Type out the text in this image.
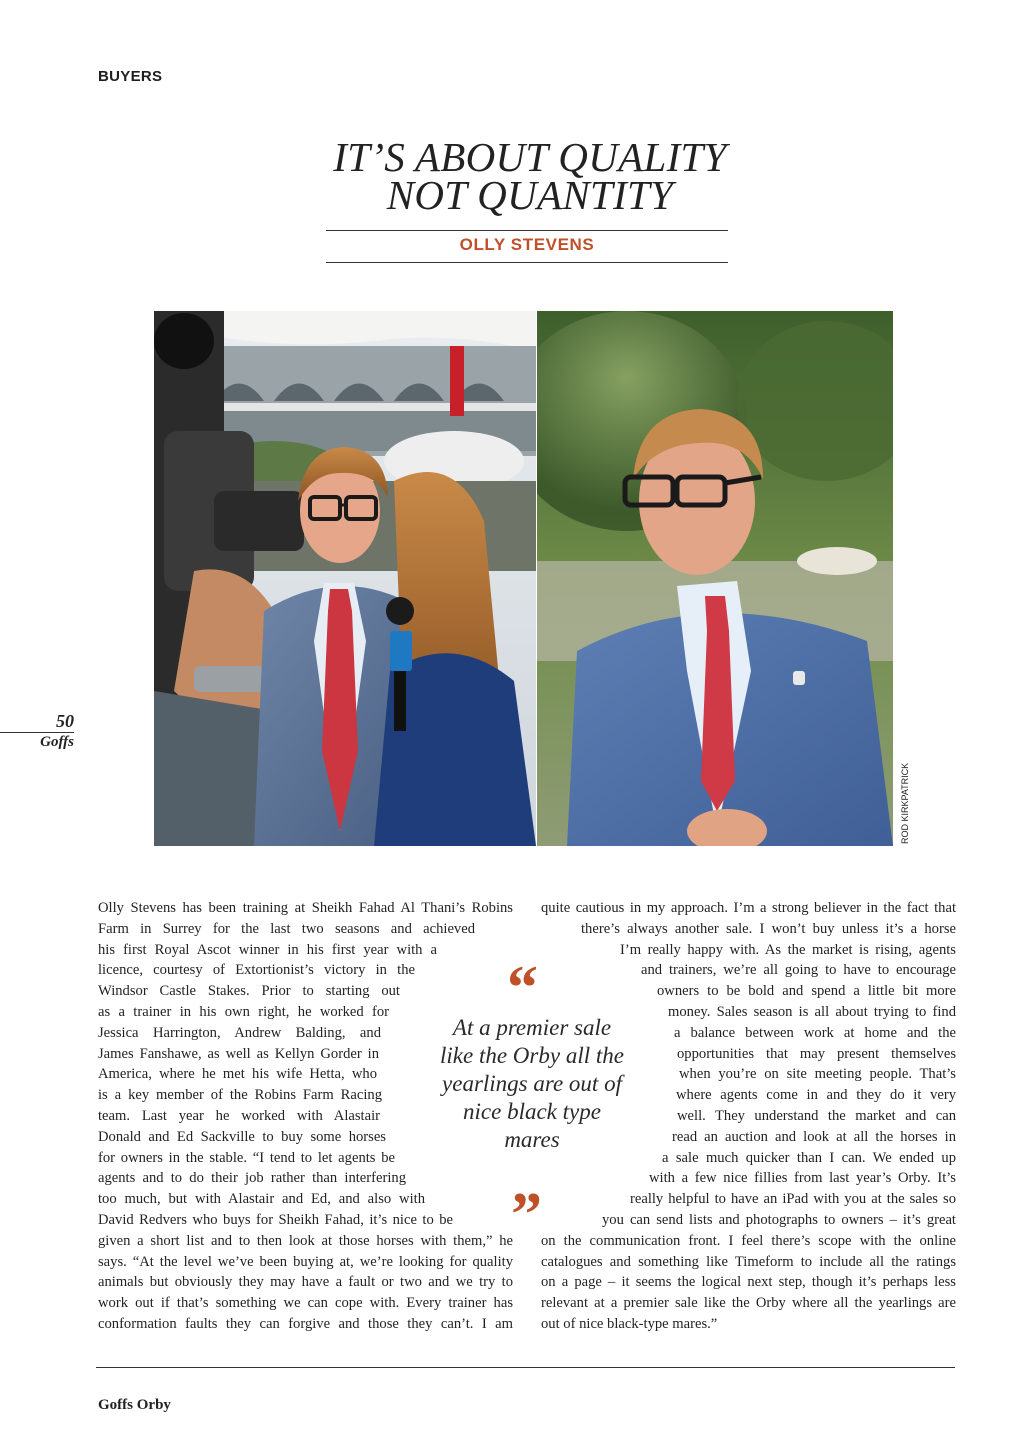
BUYERS
IT’S ABOUT QUALITY
NOT QUANTITY
OLLY STEVENS
ROD KIRKPATRICK
50
Goffs
Olly Stevens has been training at Sheikh Fahad Al Thani’s Robins
Farm in Surrey for the last two seasons and achieved
his first Royal Ascot winner in his first year with a
licence, courtesy of Extortionist’s victory in the
Windsor Castle Stakes. Prior to starting out
as a trainer in his own right, he worked for
Jessica Harrington, Andrew Balding, and
James Fanshawe, as well as Kellyn Gorder in
America, where he met his wife Hetta, who
is a key member of the Robins Farm Racing
team. Last year he worked with Alastair
Donald and Ed Sackville to buy some horses
for owners in the stable. “I tend to let agents be
agents and to do their job rather than interfering
too much, but with Alastair and Ed, and also with
David Redvers who buys for Sheikh Fahad, it’s nice to be
given a short list and to then look at those horses with them,” he
says. “At the level we’ve been buying at, we’re looking for quality
animals but obviously they may have a fault or two and we try to
work out if that’s something we can cope with. Every trainer has
conformation faults they can forgive and those they can’t. I am
quite cautious in my approach. I’m a strong believer in the fact that
there’s always another sale. I won’t buy unless it’s a horse
I’m really happy with. As the market is rising, agents
and trainers, we’re all going to have to encourage
owners to be bold and spend a little bit more
money. Sales season is all about trying to find
a balance between work at home and the
opportunities that may present themselves
when you’re on site meeting people. That’s
where agents come in and they do it very
well. They understand the market and can
read an auction and look at all the horses in
a sale much quicker than I can. We ended up
with a few nice fillies from last year’s Orby. It’s
really helpful to have an iPad with you at the sales so
you can send lists and photographs to owners – it’s great
on the communication front. I feel there’s scope with the online
catalogues and something like Timeform to include all the ratings
on a page – it seems the logical next step, though it’s perhaps less
relevant at a premier sale like the Orby where all the yearlings are
out of nice black-type mares.”
“
At a premier sale like the Orby all the yearlings are out of nice black type mares
”
Goffs Orby
